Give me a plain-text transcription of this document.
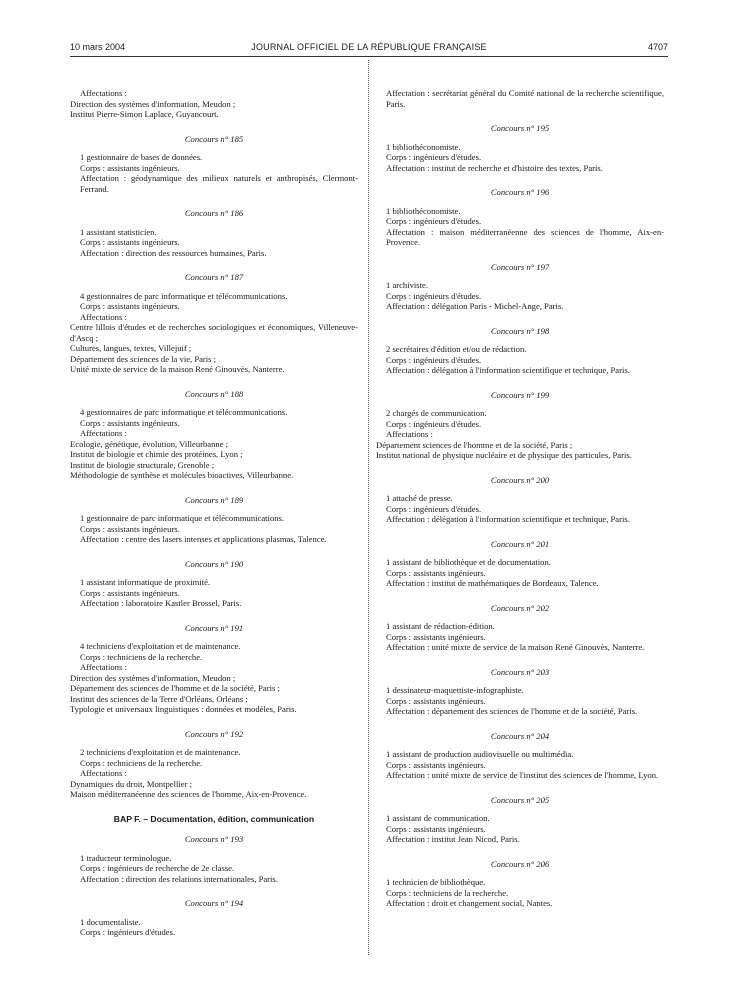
10 mars 2004	JOURNAL OFFICIEL DE LA RÉPUBLIQUE FRANÇAISE	4707
Affectations :
Direction des systèmes d'information, Meudon ;
Institut Pierre-Simon Laplace, Guyancourt.
Concours n° 185
1 gestionnaire de bases de données.
Corps : assistants ingénieurs.
Affectation : géodynamique des milieux naturels et anthropisés, Clermont-Ferrand.
Concours n° 186
1 assistant statisticien.
Corps : assistants ingénieurs.
Affectation : direction des ressources humaines, Paris.
Concours n° 187
4 gestionnaires de parc informatique et télécommunications.
Corps : assistants ingénieurs.
Affectations :
Centre lillois d'études et de recherches sociologiques et économiques, Villeneuve-d'Ascq ;
Cultures, langues, textes, Villejuif ;
Département des sciences de la vie, Paris ;
Unité mixte de service de la maison René Ginouvès, Nanterre.
Concours n° 188
4 gestionnaires de parc informatique et télécommunications.
Corps : assistants ingénieurs.
Affectations :
Ecologie, génétique, évolution, Villeurbanne ;
Institut de biologie et chimie des protéines, Lyon ;
Institut de biologie structurale, Grenoble ;
Méthodologie de synthèse et molécules bioactives, Villeurbanne.
Concours n° 189
1 gestionnaire de parc informatique et télécommunications.
Corps : assistants ingénieurs.
Affectation : centre des lasers intenses et applications plasmas, Talence.
Concours n° 190
1 assistant informatique de proximité.
Corps : assistants ingénieurs.
Affectation : laboratoire Kastler Brossel, Paris.
Concours n° 191
4 techniciens d'exploitation et de maintenance.
Corps : techniciens de la recherche.
Affectations :
Direction des systèmes d'information, Meudon ;
Département des sciences de l'homme et de la société, Paris ;
Institut des sciences de la Terre d'Orléans, Orléans ;
Typologie et universaux linguistiques : données et modèles, Paris.
Concours n° 192
2 techniciens d'exploitation et de maintenance.
Corps : techniciens de la recherche.
Affectations :
Dynamiques du droit, Montpellier ;
Maison méditerranéenne des sciences de l'homme, Aix-en-Provence.
BAP F. – Documentation, édition, communication
Concours n° 193
1 traducteur terminologue.
Corps : ingénieurs de recherche de 2e classe.
Affectation : direction des relations internationales, Paris.
Concours n° 194
1 documentaliste.
Corps : ingénieurs d'études.
Affectation : secrétariat général du Comité national de la recherche scientifique, Paris.
Concours n° 195
1 bibliothéconomiste.
Corps : ingénieurs d'études.
Affectation : institut de recherche et d'histoire des textes, Paris.
Concours n° 196
1 bibliothéconomiste.
Corps : ingénieurs d'études.
Affectation : maison méditerranéenne des sciences de l'homme, Aix-en-Provence.
Concours n° 197
1 archiviste.
Corps : ingénieurs d'études.
Affectation : délégation Paris - Michel-Ange, Paris.
Concours n° 198
2 secrétaires d'édition et/ou de rédaction.
Corps : ingénieurs d'études.
Affectation : délégation à l'information scientifique et technique, Paris.
Concours n° 199
2 chargés de communication.
Corps : ingénieurs d'études.
Affectations :
Département sciences de l'homme et de la société, Paris ;
Institut national de physique nucléaire et de physique des particules, Paris.
Concours n° 200
1 attaché de presse.
Corps : ingénieurs d'études.
Affectation : délégation à l'information scientifique et technique, Paris.
Concours n° 201
1 assistant de bibliothèque et de documentation.
Corps : assistants ingénieurs.
Affectation : institut de mathématiques de Bordeaux, Talence.
Concours n° 202
1 assistant de rédaction-édition.
Corps : assistants ingénieurs.
Affectation : unité mixte de service de la maison René Ginouvès, Nanterre.
Concours n° 203
1 dessinateur-maquettiste-infographiste.
Corps : assistants ingénieurs.
Affectation : département des sciences de l'homme et de la société, Paris.
Concours n° 204
1 assistant de production audiovisuelle ou multimédia.
Corps : assistants ingénieurs.
Affectation : unité mixte de service de l'institut des sciences de l'homme, Lyon.
Concours n° 205
1 assistant de communication.
Corps : assistants ingénieurs.
Affectation : institut Jean Nicod, Paris.
Concours n° 206
1 technicien de bibliothèque.
Corps : techniciens de la recherche.
Affectation : droit et changement social, Nantes.
